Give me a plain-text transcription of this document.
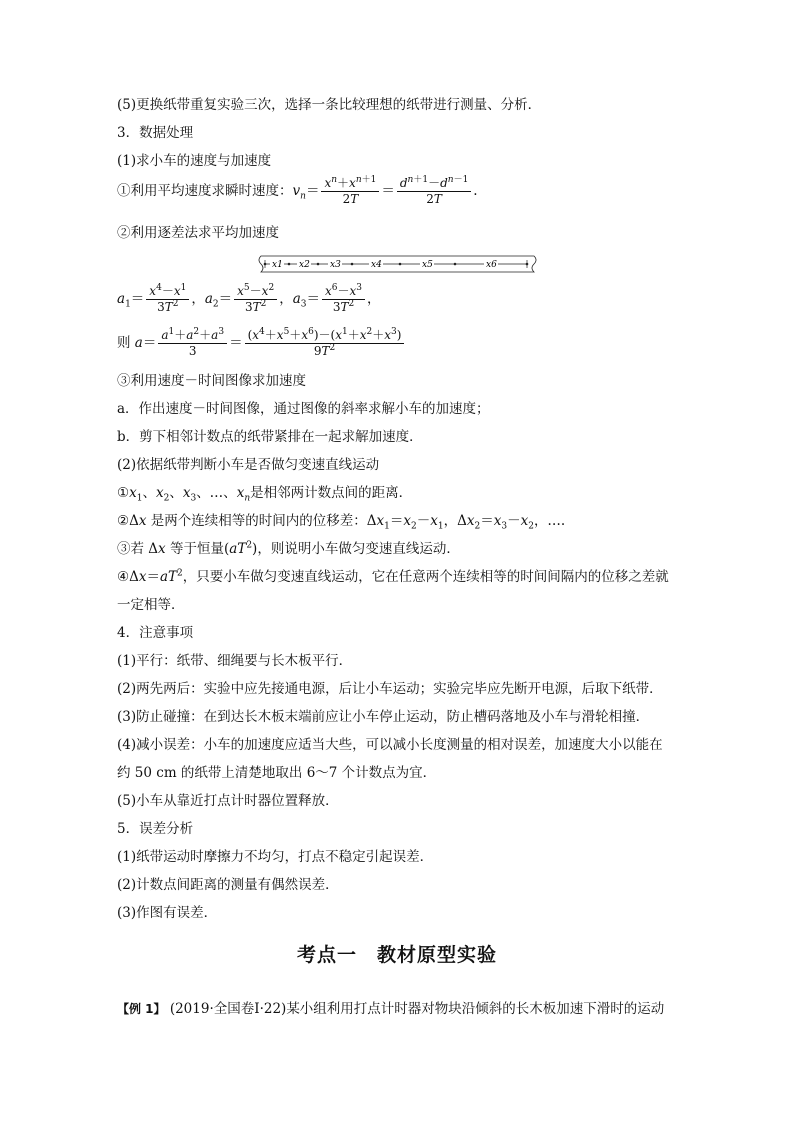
(5)更换纸带重复实验三次，选择一条比较理想的纸带进行测量、分析．
3．数据处理
(1)求小车的速度与加速度
①利用平均速度求瞬时速度：$v_n= \frac{x^n+x^{n+1}}{2T} = \frac{d^{n+1}-d^{n-1}}{2T}$ .
②利用逐差法求平均加速度
x1 x2 x3	x4	x5	x6
$a_1= \frac{x^4-x^1}{3T^2}$ ，$a_2= \frac{x^5-x^2}{3T^2}$ ，$a_3= \frac{x^6-x^3}{3T^2}$ ，
则 $a= \frac{a^1+a^2+a^3}{3} = \frac{(x^4+x^5+x^6)-(x^1+x^2+x^3)}{9T^2}$
③利用速度－时间图像求加速度
a．作出速度－时间图像，通过图像的斜率求解小车的加速度；
b．剪下相邻计数点的纸带紧排在一起求解加速度．
(2)依据纸带判断小车是否做匀变速直线运动
$①x_1$、$x_2$、$x_3$、…、$x_n$是相邻两计数点间的距离．
②Δx 是两个连续相等的时间内的位移差：$\Delta x_1=x_2-x_1$，$\Delta x_2=x_3-x_2$，….
③若 Δx 等于恒量$(aT^2)$，则说明小车做匀变速直线运动．
$④\Delta x=aT^2$，只要小车做匀变速直线运动，它在任意两个连续相等的时间间隔内的位移之差就
一定相等．
4．注意事项
(1)平行：纸带、细绳要与长木板平行．
(2)两先两后：实验中应先接通电源，后让小车运动；实验完毕应先断开电源，后取下纸带．
(3)防止碰撞：在到达长木板末端前应让小车停止运动，防止槽码落地及小车与滑轮相撞．
(4)减小误差：小车的加速度应适当大些，可以减小长度测量的相对误差，加速度大小以能在
约 50 cm 的纸带上清楚地取出 6～7 个计数点为宜．
(5)小车从靠近打点计时器位置释放．
5．误差分析
(1)纸带运动时摩擦力不均匀，打点不稳定引起误差．
(2)计数点间距离的测量有偶然误差．
(3)作图有误差．
考点一　教材原型实验
【例 1】 (2019·全国卷Ⅰ·22)某小组利用打点计时器对物块沿倾斜的长木板加速下滑时的运动
